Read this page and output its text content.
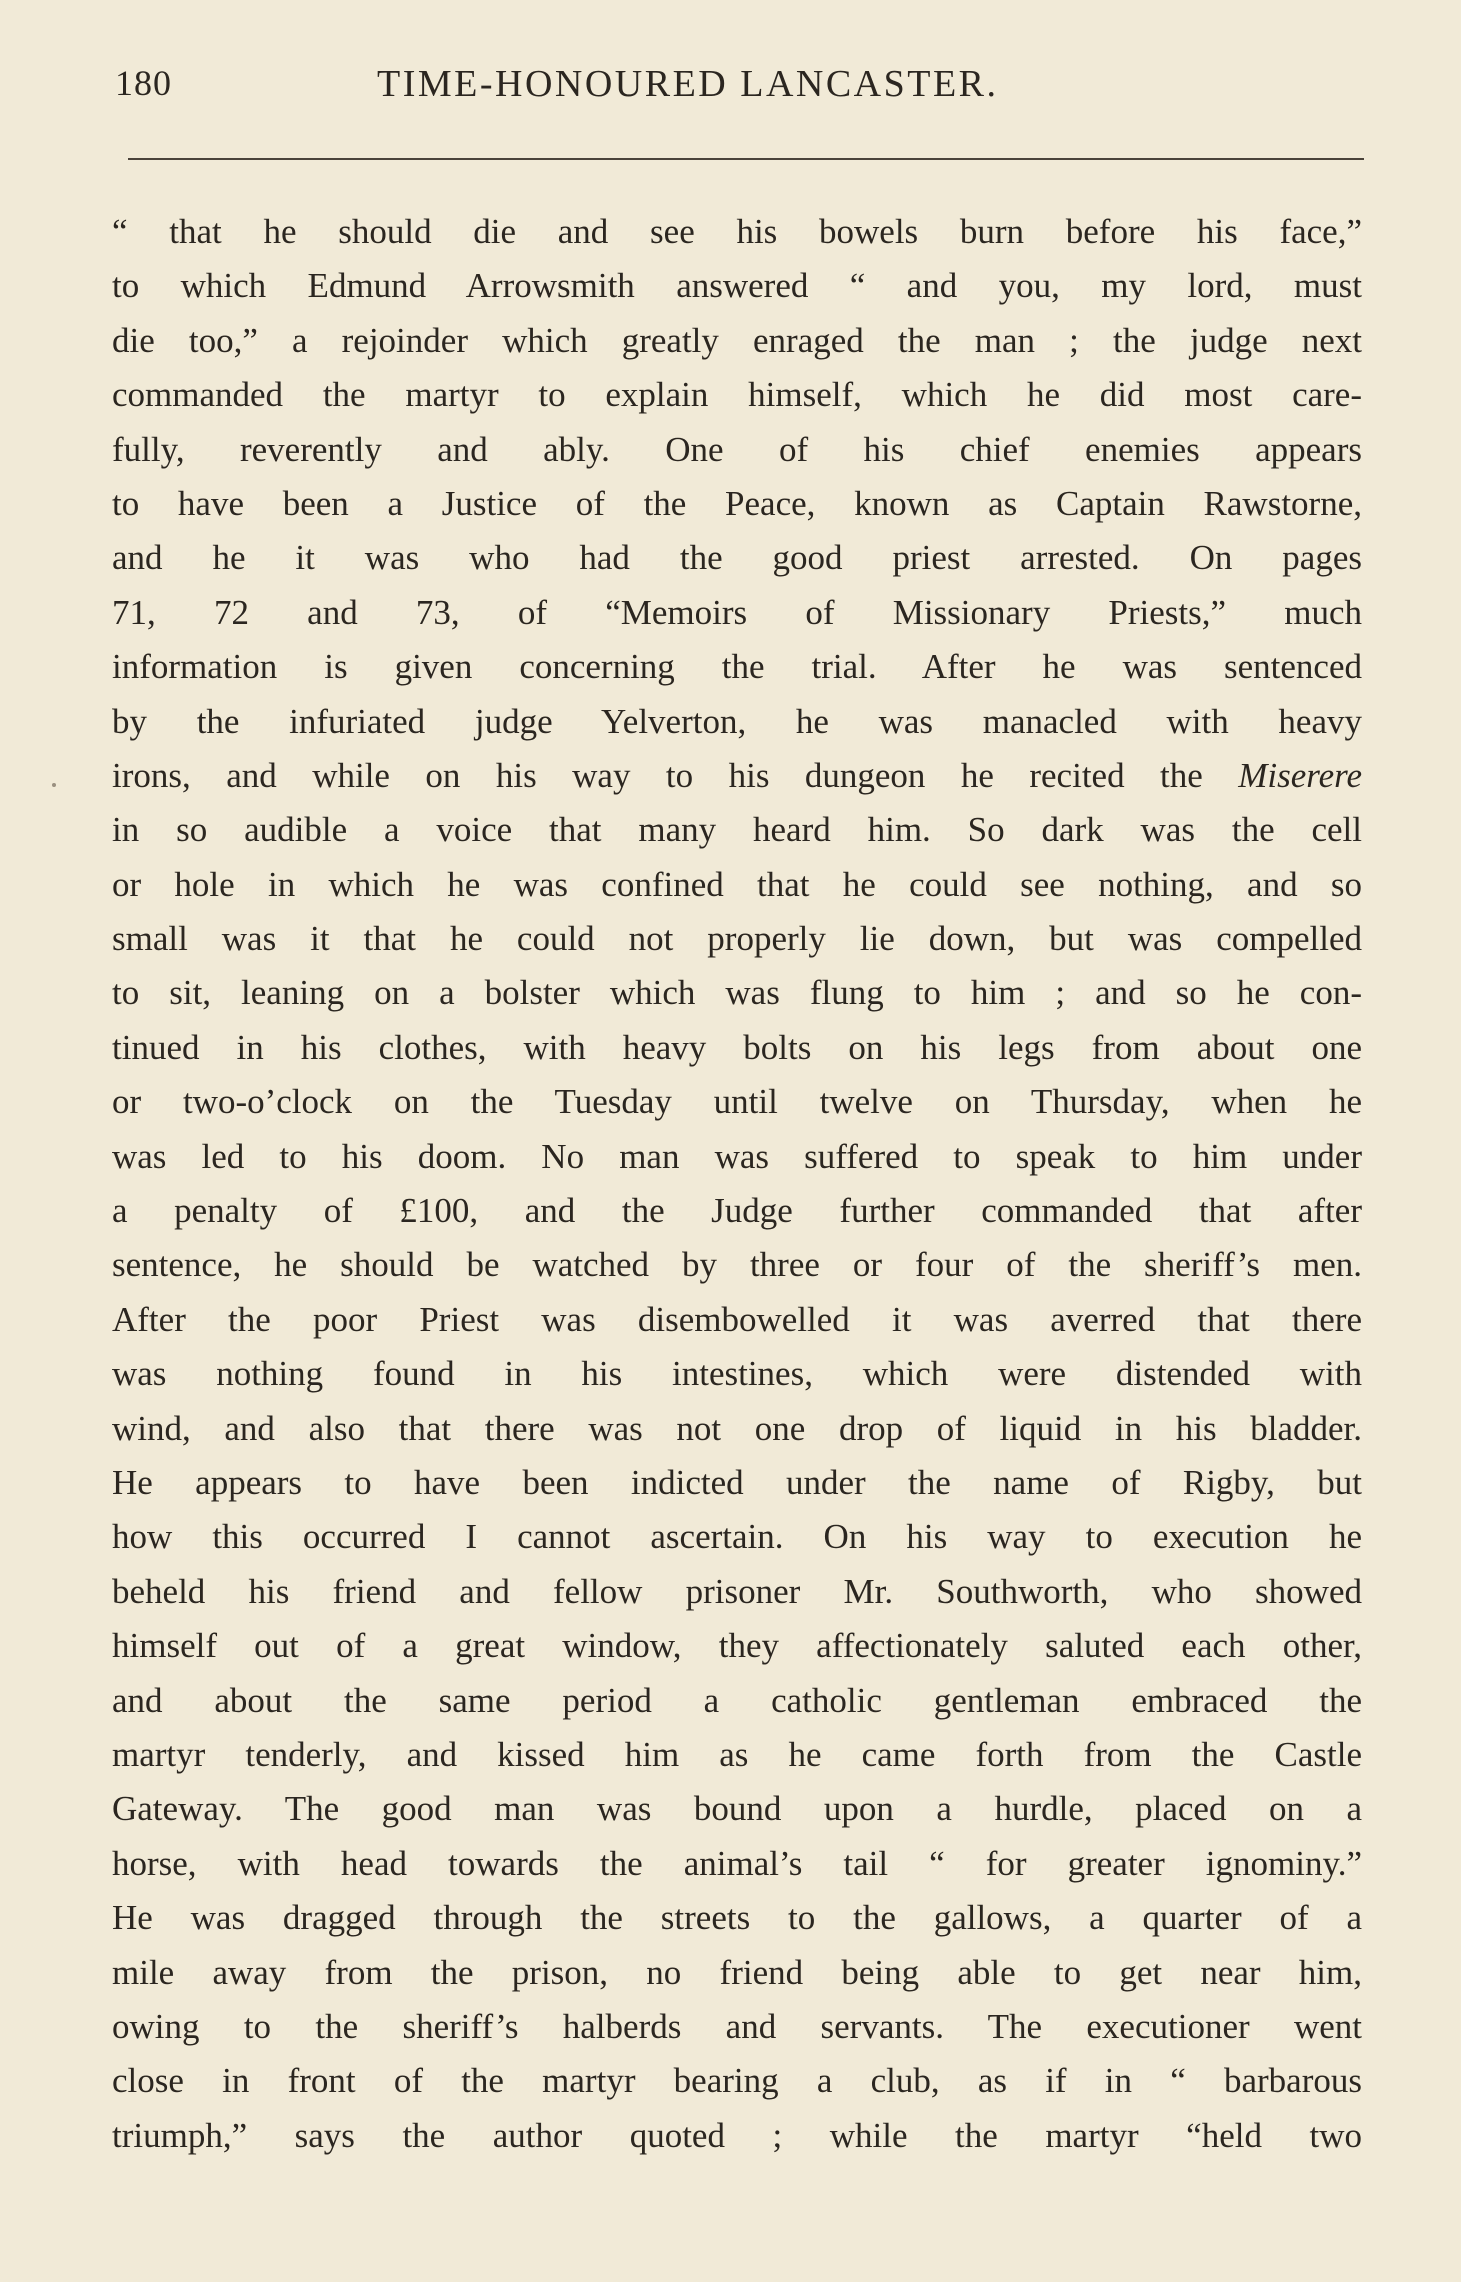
180	TIME-HONOURED LANCASTER.
“ that he should die and see his bowels burn before his face,”
to which Edmund Arrowsmith answered “ and you, my lord, must
die too,” a rejoinder which greatly enraged the man ; the judge next
commanded the martyr to explain himself, which he did most care-
fully, reverently and ably. One of his chief enemies appears
to have been a Justice of the Peace, known as Captain Rawstorne,
and he it was who had the good priest arrested. On pages
71, 72 and 73, of “Memoirs of Missionary Priests,” much
information is given concerning the trial. After he was sentenced
by the infuriated judge Yelverton, he was manacled with heavy
irons, and while on his way to his dungeon he recited the Miserere
in so audible a voice that many heard him. So dark was the cell
or hole in which he was confined that he could see nothing, and so
small was it that he could not properly lie down, but was compelled
to sit, leaning on a bolster which was flung to him ; and so he con-
tinued in his clothes, with heavy bolts on his legs from about one
or two-o’clock on the Tuesday until twelve on Thursday, when he
was led to his doom. No man was suffered to speak to him under
a penalty of £100, and the Judge further commanded that after
sentence, he should be watched by three or four of the sheriff’s men.
After the poor Priest was disembowelled it was averred that there
was nothing found in his intestines, which were distended with
wind, and also that there was not one drop of liquid in his bladder.
He appears to have been indicted under the name of Rigby, but
how this occurred I cannot ascertain. On his way to execution he
beheld his friend and fellow prisoner Mr. Southworth, who showed
himself out of a great window, they affectionately saluted each other,
and about the same period a catholic gentleman embraced the
martyr tenderly, and kissed him as he came forth from the Castle
Gateway. The good man was bound upon a hurdle, placed on a
horse, with head towards the animal’s tail “ for greater ignominy.”
He was dragged through the streets to the gallows, a quarter of a
mile away from the prison, no friend being able to get near him,
owing to the sheriff’s halberds and servants. The executioner went
close in front of the martyr bearing a club, as if in “ barbarous
triumph,” says the author quoted ; while the martyr “held two
